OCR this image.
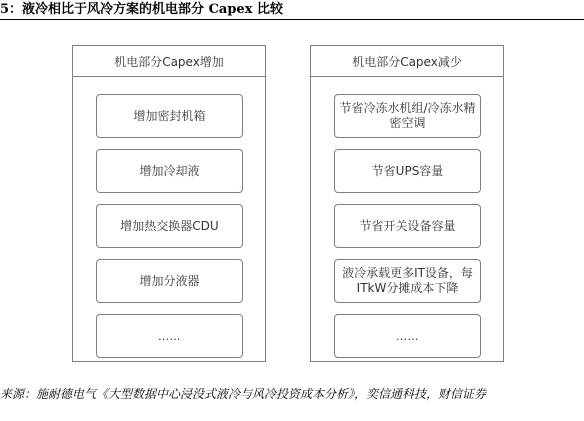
5：液冷相比于风冷方案的机电部分 Capex 比较
机电部分Capex增加
增加密封机箱
增加冷却液
增加热交换器CDU
增加分液器
……
机电部分Capex减少
节省冷冻水机组/冷冻水精密空调
节省UPS容量
节省开关设备容量
液冷承载更多IT设备，每ITkW分摊成本下降
……
来源：施耐德电气《大型数据中心浸没式液冷与风冷投资成本分析》，奕信通科技，财信证券
